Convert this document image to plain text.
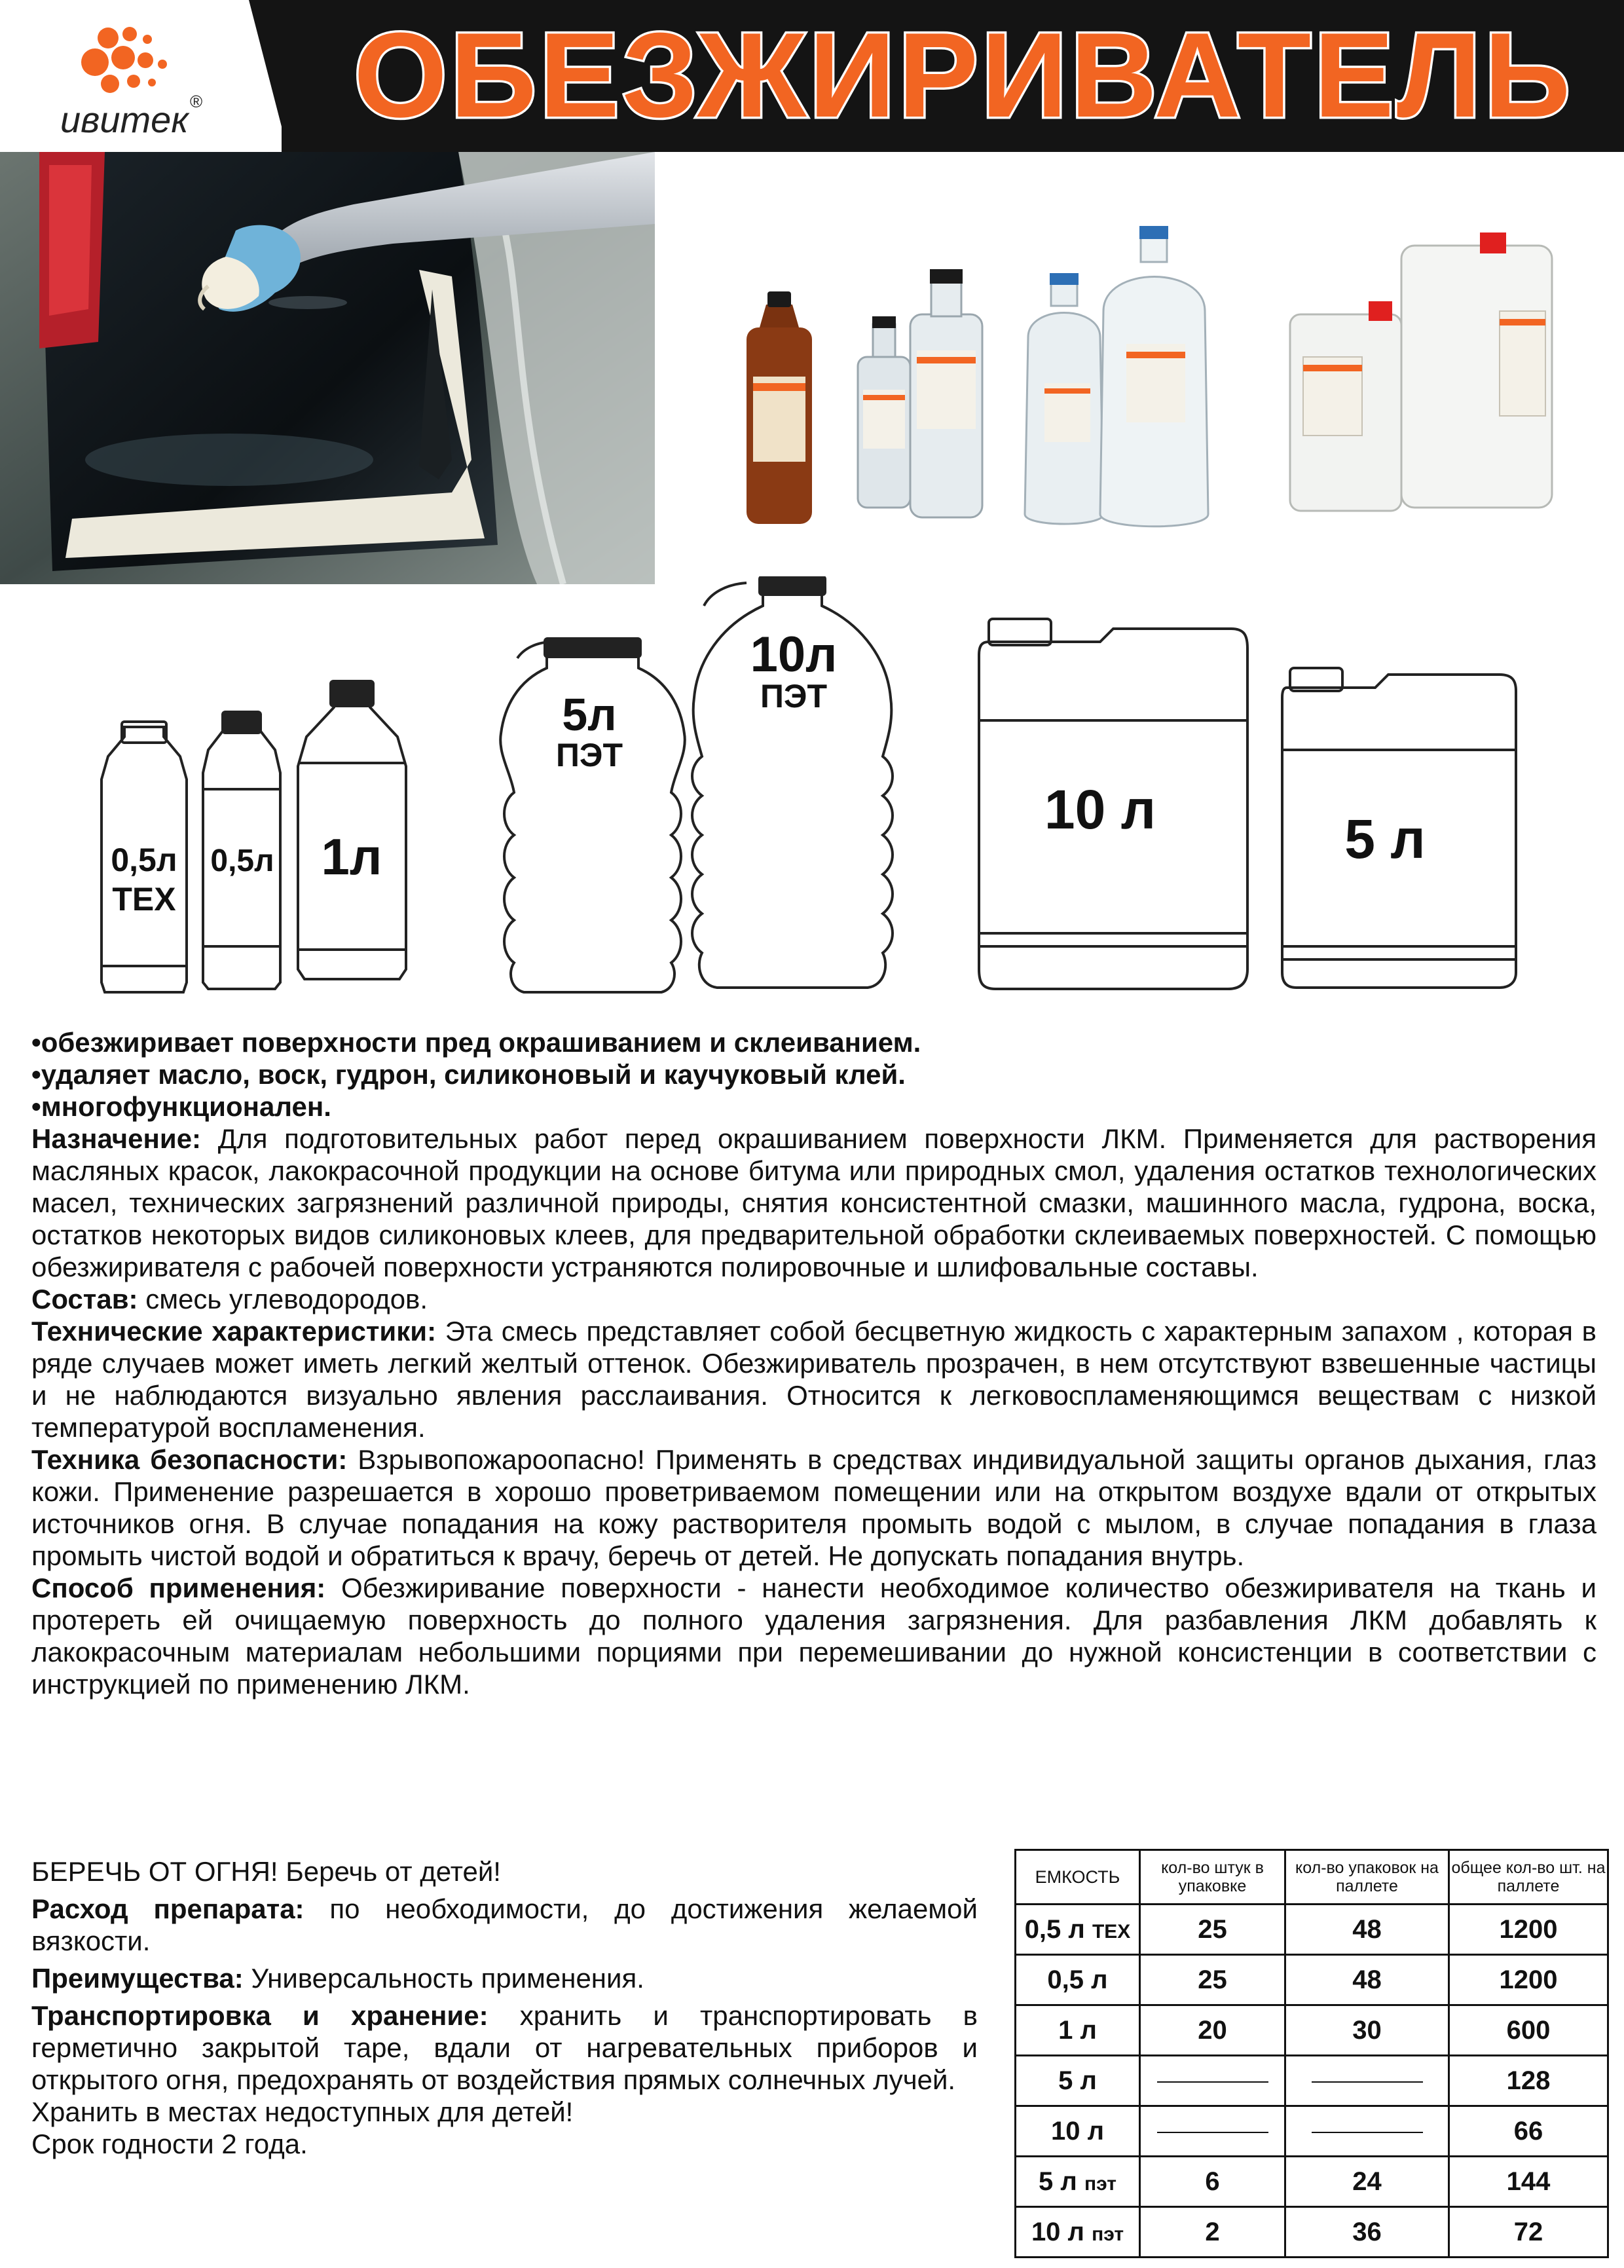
ивитек ® ОБЕЗЖИРИВАТЕЛЬ
0,5л
ТЕХ
0,5л 1л
5л
ПЭТ
10л
ПЭТ
10 л	5 л

•обезжиривает поверхности пред окрашиванием и склеиванием.

•удаляет масло, воск, гудрон, силиконовый и каучуковый клей.

•многофункционален.

Назначение: Для подготовительных работ перед окрашиванием поверхности ЛКМ. Применяется для растворения масляных красок, лакокрасочной продукции на основе битума или природных смол, удаления остатков технологических масел, технических загрязнений различной природы, снятия консистентной смазки, машинного масла, гудрона, воска, остатков некоторых видов силиконовых клеев, для предварительной обработки склеиваемых поверхностей. С помощью обезжиривателя с рабочей поверхности устраняются полировочные и шлифовальные составы.

Состав: смесь углеводородов.

Технические характеристики: Эта смесь представляет собой бесцветную жидкость с характерным запахом , которая в ряде случаев может иметь легкий желтый оттенок. Обезжириватель прозрачен, в нем отсутствуют взвешенные частицы и не наблюдаются визуально явления расслаивания. Относится к легковоспламеняющимся веществам с низкой температурой воспламенения.

Техника безопасности: Взрывопожароопасно! Применять в средствах индивидуальной защиты органов дыхания, глаз кожи. Применение разрешается в хорошо проветриваемом помещении или на открытом воздухе вдали от открытых источников огня. В случае попадания на кожу растворителя промыть водой с мылом, в случае попадания в глаза промыть чистой водой и обратиться к врачу, беречь от детей. Не допускать попадания внутрь.

Способ применения: Обезжиривание поверхности - нанести необходимое количество обезжиривателя на ткань и протереть ей очищаемую поверхность до полного удаления загрязнения. Для разбавления ЛКМ добавлять к лакокрасочным материалам небольшими порциями при перемешивании до нужной консистенции в соответствии с инструкцией по применению ЛКМ.

БЕРЕЧЬ ОТ ОГНЯ! Беречь от детей!

Расход препарата: по необходимости, до достижения желаемой вязкости.

Преимущества: Универсальность применения.

Транспортировка и хранение: хранить и транспортировать в герметично закрытой таре, вдали от нагревательных приборов и открытого огня, предохранять от воздействия прямых солнечных лучей.

Хранить в местах недоступных для детей!

Срок годности 2 года.

ЕМКОСТЬ	кол-во штук в упаковке	кол-во упаковок на паллете	общее кол-во шт. на паллете
0,5 л ТЕХ	25	48	1200
0,5 л	25	48	1200
1 л	20	30	600
5 л			128
10 л			66
5 л пэт	6	24	144
10 л пэт	2	36	72
